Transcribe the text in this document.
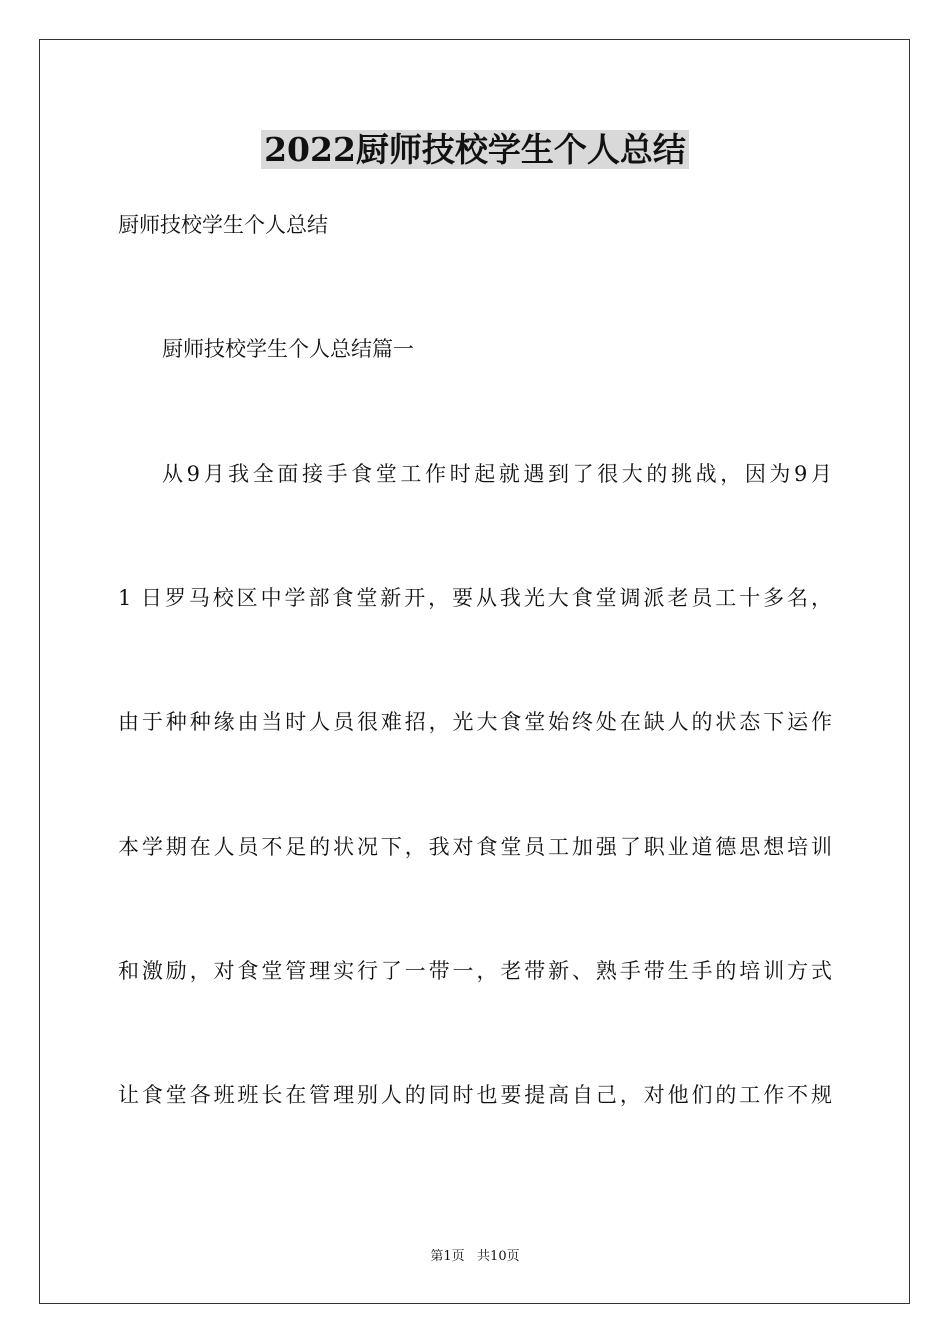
2022厨师技校学生个人总结
厨师技校学生个人总结
厨师技校学生个人总结篇一
从9月我全面接手食堂工作时起就遇到了很大的挑战，因为9月
1 日罗马校区中学部食堂新开，要从我光大食堂调派老员工十多名，
由于种种缘由当时人员很难招，光大食堂始终处在缺人的状态下运作
本学期在人员不足的状况下，我对食堂员工加强了职业道德思想培训
和激励，对食堂管理实行了一带一，老带新、熟手带生手的培训方式
让食堂各班班长在管理别人的同时也要提高自己，对他们的工作不规
第1页   共10页
